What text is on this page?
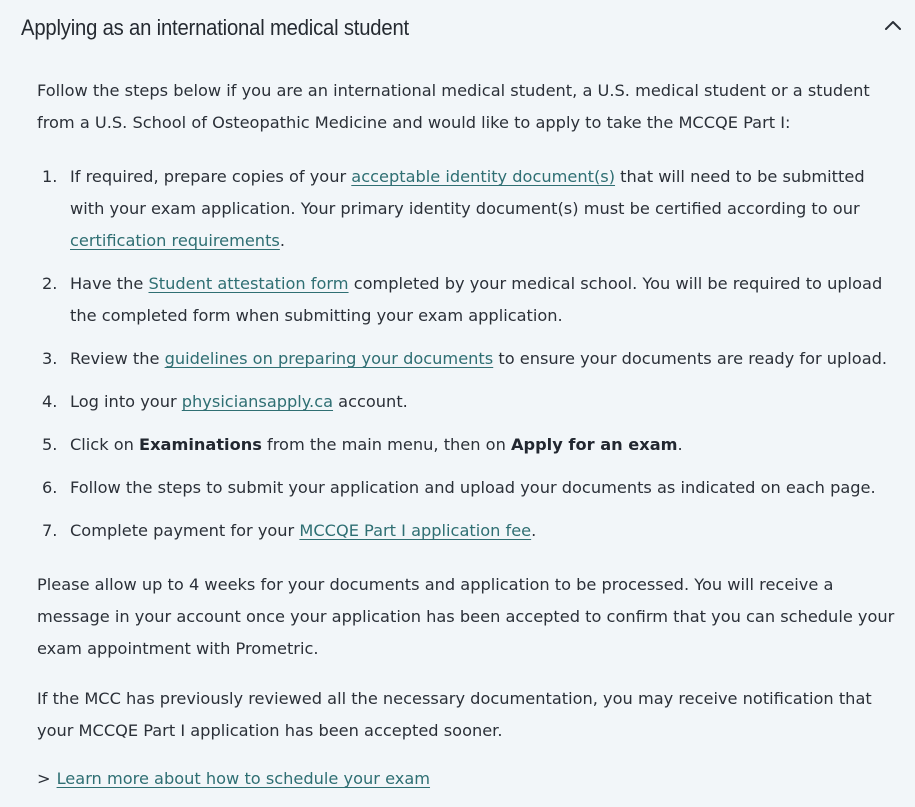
Applying as an international medical student

Follow the steps below if you are an international medical student, a U.S. medical student or a student from a U.S. School of Osteopathic Medicine and would like to apply to take the MCCQE Part I:

1. If required, prepare copies of your acceptable identity document(s) that will need to be submitted with your exam application. Your primary identity document(s) must be certified according to our certification requirements.
2. Have the Student attestation form completed by your medical school. You will be required to upload the completed form when submitting your exam application.
3. Review the guidelines on preparing your documents to ensure your documents are ready for upload.
4. Log into your physiciansapply.ca account.
5. Click on Examinations from the main menu, then on Apply for an exam.
6. Follow the steps to submit your application and upload your documents as indicated on each page.
7. Complete payment for your MCCQE Part I application fee.

Please allow up to 4 weeks for your documents and application to be processed. You will receive a message in your account once your application has been accepted to confirm that you can schedule your exam appointment with Prometric.

If the MCC has previously reviewed all the necessary documentation, you may receive notification that your MCCQE Part I application has been accepted sooner.

> Learn more about how to schedule your exam
